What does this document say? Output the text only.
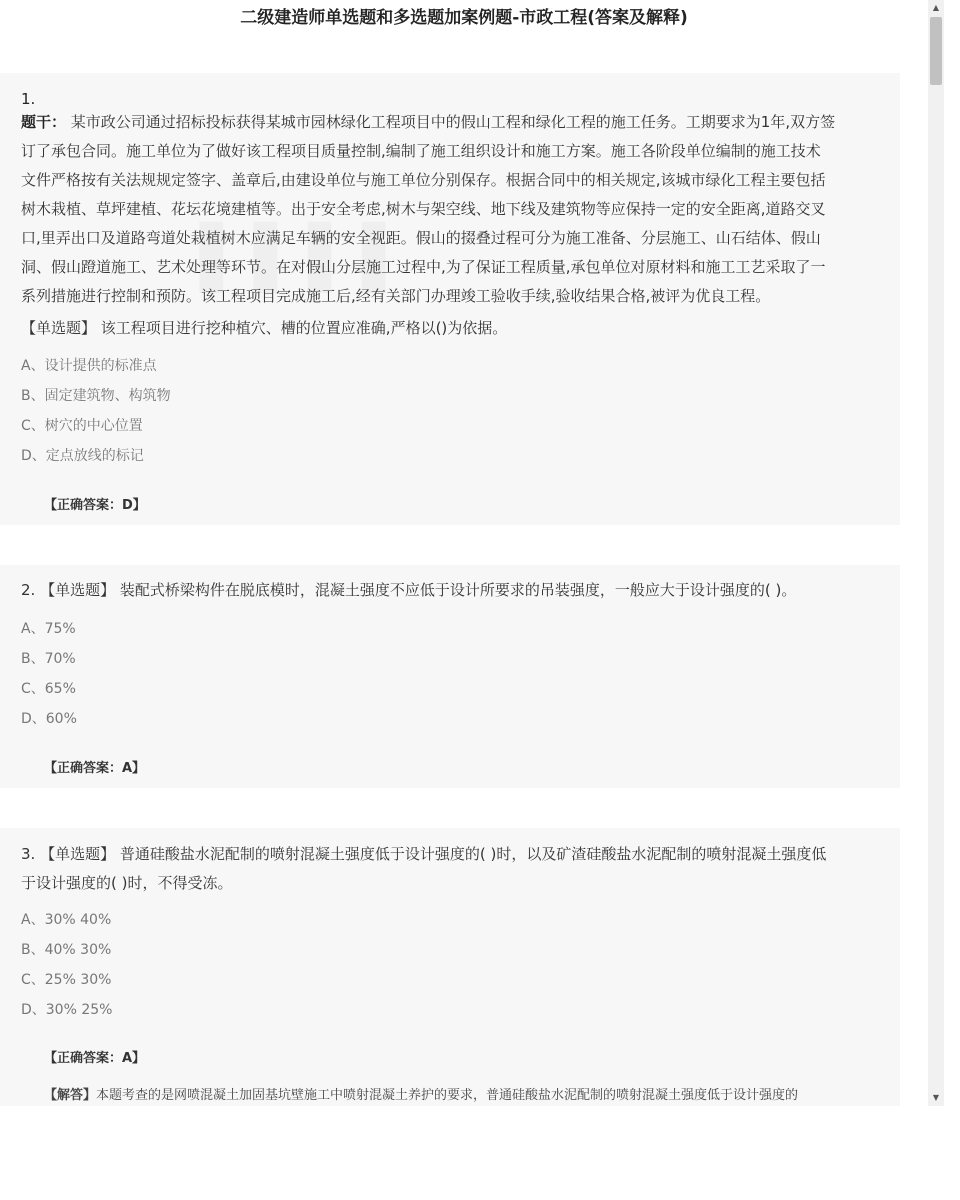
二级建造师单选题和多选题加案例题-市政工程(答案及解释)
▌▌▌▌
1.
题干： 某市政公司通过招标投标获得某城市园林绿化工程项目中的假山工程和绿化工程的施工任务。工期要求为1年,双方签
订了承包合同。施工单位为了做好该工程项目质量控制,编制了施工组织设计和施工方案。施工各阶段单位编制的施工技术
文件严格按有关法规规定签字、盖章后,由建设单位与施工单位分别保存。根据合同中的相关规定,该城市绿化工程主要包括
树木栽植、草坪建植、花坛花境建植等。出于安全考虑,树木与架空线、地下线及建筑物等应保持一定的安全距离,道路交叉
口,里弄出口及道路弯道处栽植树木应满足车辆的安全视距。假山的掇叠过程可分为施工准备、分层施工、山石结体、假山
洞、假山蹬道施工、艺术处理等环节。在对假山分层施工过程中,为了保证工程质量,承包单位对原材料和施工工艺采取了一
系列措施进行控制和预防。该工程项目完成施工后,经有关部门办理竣工验收手续,验收结果合格,被评为优良工程。
【单选题】 该工程项目进行挖种植穴、槽的位置应准确,严格以()为依据。
A、设计提供的标准点
B、固定建筑物、构筑物
C、树穴的中心位置
D、定点放线的标记
【正确答案：D】
2. 【单选题】 装配式桥梁构件在脱底模时，混凝土强度不应低于设计所要求的吊装强度，一般应大于设计强度的( )。
A、75%
B、70%
C、65%
D、60%
【正确答案：A】
3. 【单选题】 普通硅酸盐水泥配制的喷射混凝土强度低于设计强度的( )时，以及矿渣硅酸盐水泥配制的喷射混凝土强度低
于设计强度的( )时，不得受冻。
A、30% 40%
B、40% 30%
C、25% 30%
D、30% 25%
【正确答案：A】
【解答】本题考查的是网喷混凝土加固基坑壁施工中喷射混凝土养护的要求，普通硅酸盐水泥配制的喷射混凝土强度低于设计强度的
▲
▼
